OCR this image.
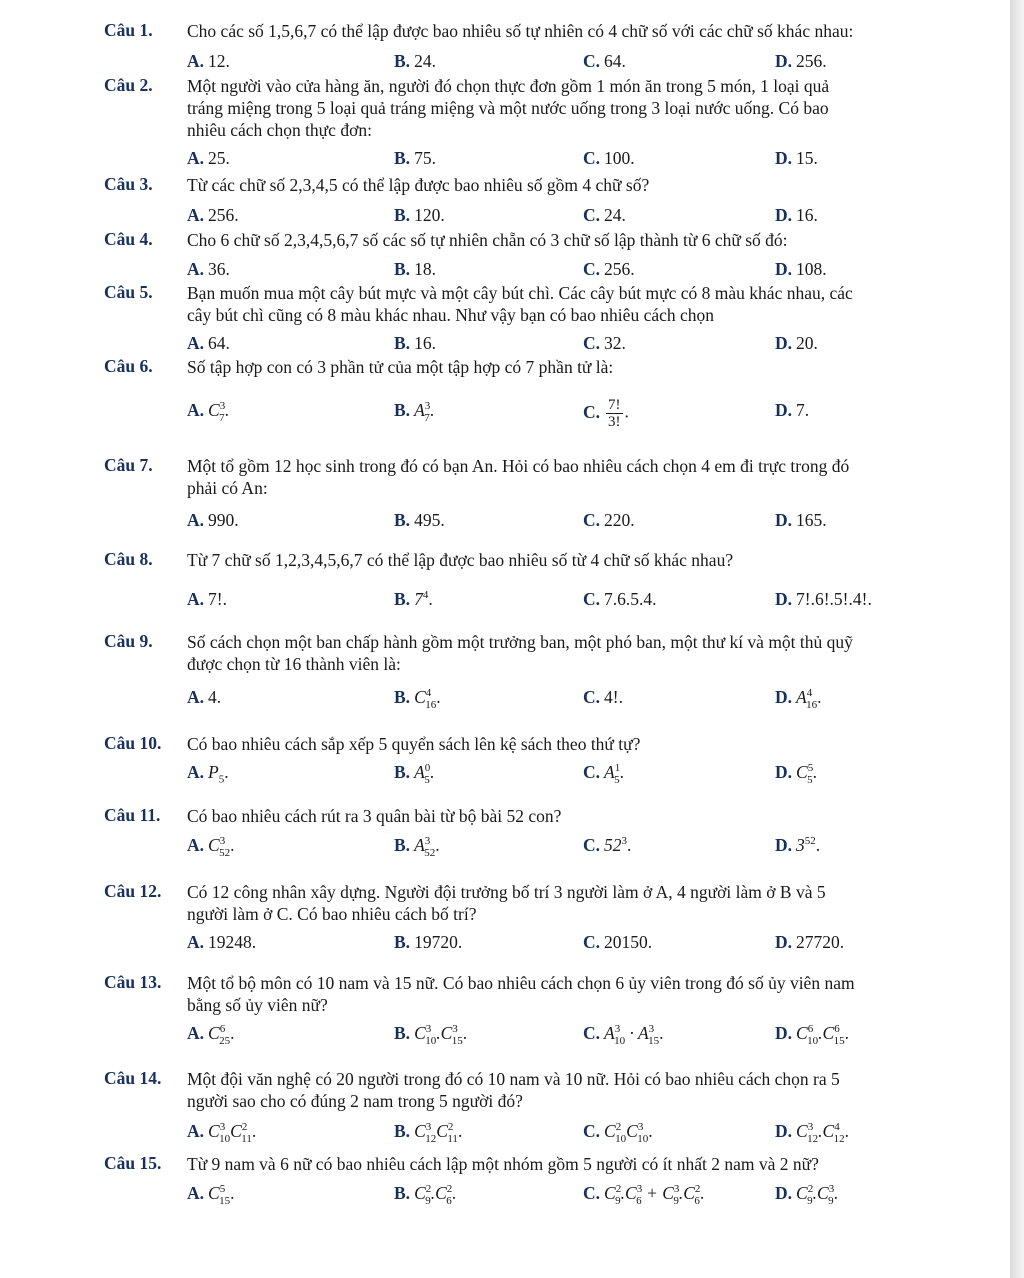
Câu 1. Cho các số 1,5,6,7 có thể lập được bao nhiêu số tự nhiên có 4 chữ số với các chữ số khác nhau:
A. 12.	B. 24.	C. 64.	D. 256.
Câu 2. Một người vào cửa hàng ăn, người đó chọn thực đơn gồm 1 món ăn trong 5 món, 1 loại quả
tráng miệng trong 5 loại quả tráng miệng và một nước uống trong 3 loại nước uống. Có bao
nhiêu cách chọn thực đơn:
A. 25.	B. 75.	C. 100.	D. 15.
Câu 3. Từ các chữ số 2,3,4,5 có thể lập được bao nhiêu số gồm 4 chữ số?
A. 256.	B. 120.	C. 24.	D. 16.
Câu 4. Cho 6 chữ số 2,3,4,5,6,7 số các số tự nhiên chẵn có 3 chữ số lập thành từ 6 chữ số đó:
A. 36.	B. 18.	C. 256.	D. 108.
Câu 5. Bạn muốn mua một cây bút mực và một cây bút chì. Các cây bút mực có 8 màu khác nhau, các
cây bút chì cũng có 8 màu khác nhau. Như vậy bạn có bao nhiêu cách chọn
A. 64.	B. 16.	C. 32.	D. 20.
Câu 6. Số tập hợp con có 3 phần tử của một tập hợp có 7 phần tử là:
A. $C^3_7$.	B. $A^3_7$.	C. $\frac{7!}{3!}$ .	D. 7.
Câu 7. Một tổ gồm 12 học sinh trong đó có bạn An. Hỏi có bao nhiêu cách chọn 4 em đi trực trong đó
phải có An:
A. 990.	B. 495.	C. 220.	D. 165.
Câu 8. Từ 7 chữ số 1,2,3,4,5,6,7 có thể lập được bao nhiêu số từ 4 chữ số khác nhau?
A. 7!.	B. $7^4$.	C. 7.6.5.4.	D. 7!.6!.5!.4!.
Câu 9. Số cách chọn một ban chấp hành gồm một trưởng ban, một phó ban, một thư kí và một thủ quỹ
được chọn từ 16 thành viên là:
A. 4.	B. $C^4_{16}$.	C. 4!.	D. $A^4_{16}$.
Câu 10. Có bao nhiêu cách sắp xếp 5 quyển sách lên kệ sách theo thứ tự?
A. $P_5$.	B. $A^0_5$.	C. $A^1_5$.	D. $C^5_5$.
Câu 11. Có bao nhiêu cách rút ra 3 quân bài từ bộ bài 52 con?
A. $C^3_{52}$.	B. $A^3_{52}$.	C. $52^3$.	D. $3^{52}$.
Câu 12. Có 12 công nhân xây dựng. Người đội trưởng bố trí 3 người làm ở A, 4 người làm ở B và 5
người làm ở C. Có bao nhiêu cách bố trí?
A. 19248.	B. 19720.	C. 20150.	D. 27720.
Câu 13. Một tổ bộ môn có 10 nam và 15 nữ. Có bao nhiêu cách chọn 6 ủy viên trong đó số ủy viên nam
bằng số ủy viên nữ?
A. $C^6_{25}$.	B. $C^3_{10}.C^3_{15}$.	C. $A^3_{10} \cdot A^3_{15}$.	D. $C^6_{10}.C^6_{15}$.
Câu 14. Một đội văn nghệ có 20 người trong đó có 10 nam và 10 nữ. Hỏi có bao nhiêu cách chọn ra 5
người sao cho có đúng 2 nam trong 5 người đó?
A. $C^3_{10}C^2_{11}$.	B. $C^3_{12}C^2_{11}$.	C. $C^2_{10}C^3_{10}$.	D. $C^3_{12}.C^4_{12}$.
Câu 15. Từ 9 nam và 6 nữ có bao nhiêu cách lập một nhóm gồm 5 người có ít nhất 2 nam và 2 nữ?
A. $C^5_{15}$.	B. $C^2_9.C^2_6$.	C. $C^2_9.C^3_6 + C^3_9.C^2_6$.	D. $C^2_9.C^3_9$.
